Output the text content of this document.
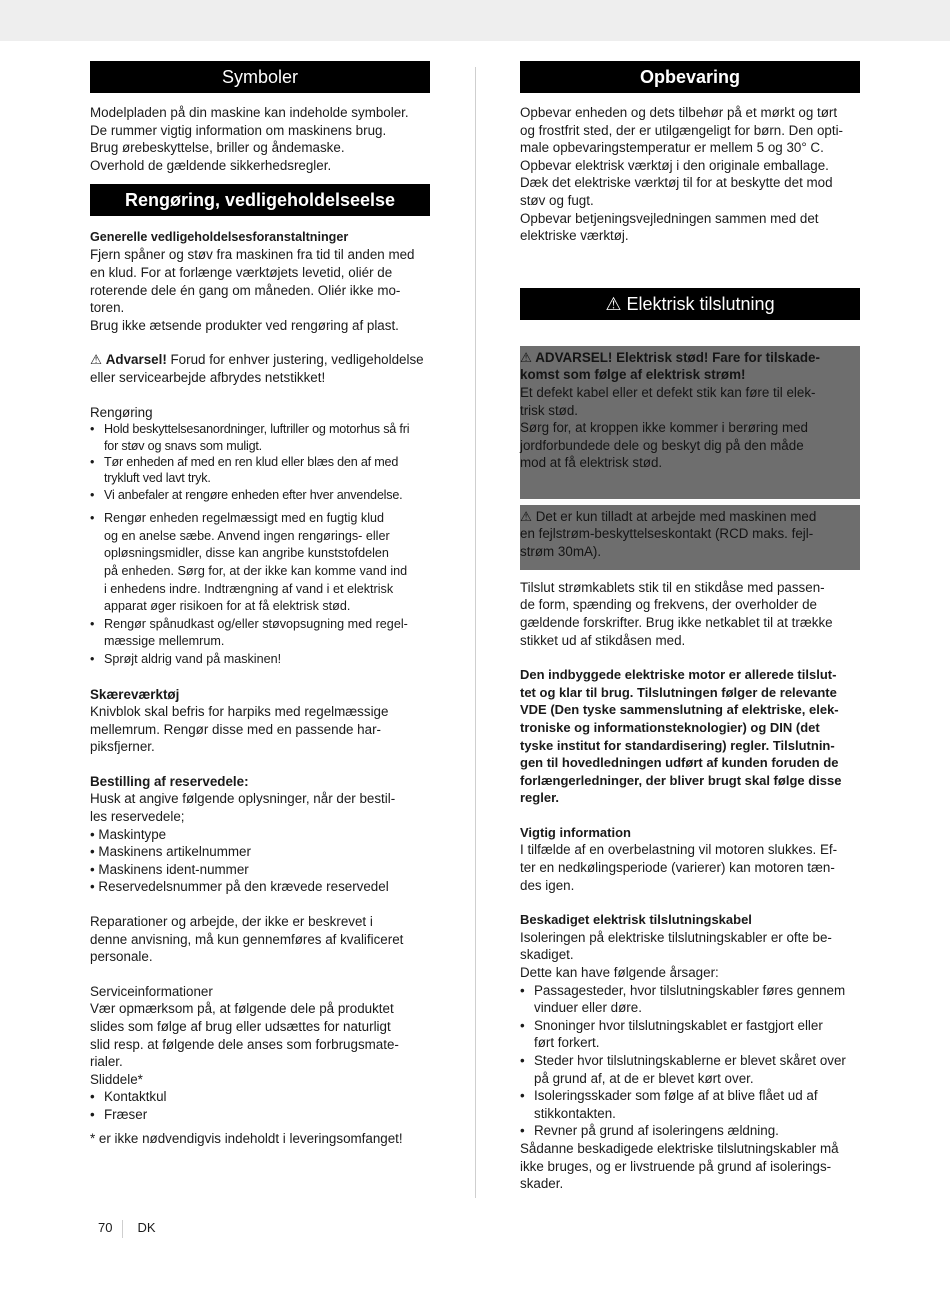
Symboler
Modelpladen på din maskine kan indeholde symboler.
De rummer vigtig information om maskinens brug.
Brug ørebeskyttelse, briller og åndemaske.
Overhold de gældende sikkerhedsregler.
Rengøring, vedligeholdelseelse
Generelle vedligeholdelsesforanstaltninger
Fjern spåner og støv fra maskinen fra tid til anden med
en klud. For at forlænge værktøjets levetid, oliér de
roterende dele én gang om måneden. Oliér ikke mo-
toren.
Brug ikke ætsende produkter ved rengøring af plast.
⚠ Advarsel! Forud for enhver justering, vedligeholdelse
eller servicearbejde afbrydes netstikket!
Rengøring
• Hold beskyttelsesanordninger, luftriller og motorhus så fri
for støv og snavs som muligt.
• Tør enheden af med en ren klud eller blæs den af med
trykluft ved lavt tryk.
• Vi anbefaler at rengøre enheden efter hver anvendelse.
• Rengør enheden regelmæssigt med en fugtig klud
og en anelse sæbe. Anvend ingen rengørings- eller
opløsningsmidler, disse kan angribe kunststofdelen
på enheden. Sørg for, at der ikke kan komme vand ind
i enhedens indre. Indtrængning af vand i et elektrisk
apparat øger risikoen for at få elektrisk stød.
• Rengør spånudkast og/eller støvopsugning med regel-
mæssige mellemrum.
• Sprøjt aldrig vand på maskinen!
Skæreværktøj
Knivblok skal befris for harpiks med regelmæssige
mellemrum. Rengør disse med en passende har-
piksfjerner.
Bestilling af reservedele:
Husk at angive følgende oplysninger, når der bestil-
les reservedele;
• Maskintype
• Maskinens artikelnummer
• Maskinens ident-nummer
• Reservedelsnummer på den krævede reservedel
Reparationer og arbejde, der ikke er beskrevet i
denne anvisning, må kun gennemføres af kvalificeret
personale.
Serviceinformationer
Vær opmærksom på, at følgende dele på produktet
slides som følge af brug eller udsættes for naturligt
slid resp. at følgende dele anses som forbrugsmate-
rialer.
Sliddele*
• Kontaktkul
• Fræser
* er ikke nødvendigvis indeholdt i leveringsomfanget!
Opbevaring
Opbevar enheden og dets tilbehør på et mørkt og tørt
og frostfrit sted, der er utilgængeligt for børn. Den opti-
male opbevaringstemperatur er mellem 5 og 30° C.
Opbevar elektrisk værktøj i den originale emballage.
Dæk det elektriske værktøj til for at beskytte det mod
støv og fugt.
Opbevar betjeningsvejledningen sammen med det
elektriske værktøj.
⚠ Elektrisk tilslutning
⚠ ADVARSEL! Elektrisk stød! Fare for tilskade-
komst som følge af elektrisk strøm!
Et defekt kabel eller et defekt stik kan føre til elek-
trisk stød.
Sørg for, at kroppen ikke kommer i berøring med
jordforbundede dele og beskyt dig på den måde
mod at få elektrisk stød.
⚠ Det er kun tilladt at arbejde med maskinen med
en fejlstrøm-beskyttelseskontakt (RCD maks. fejl-
strøm 30mA).
Tilslut strømkablets stik til en stikdåse med passen-
de form, spænding og frekvens, der overholder de
gældende forskrifter. Brug ikke netkablet til at trække
stikket ud af stikdåsen med.
Den indbyggede elektriske motor er allerede tilslut-
tet og klar til brug. Tilslutningen følger de relevante
VDE (Den tyske sammenslutning af elektriske, elek-
troniske og informationsteknologier) og DIN (det
tyske institut for standardisering) regler. Tilslutnin-
gen til hovedledningen udført af kunden foruden de
forlængerledninger, der bliver brugt skal følge disse
regler.
Vigtig information
I tilfælde af en overbelastning vil motoren slukkes. Ef-
ter en nedkølingsperiode (varierer) kan motoren tæn-
des igen.
Beskadiget elektrisk tilslutningskabel
Isoleringen på elektriske tilslutningskabler er ofte be-
skadiget.
Dette kan have følgende årsager:
• Passagesteder, hvor tilslutningskabler føres gennem
vinduer eller døre.
• Snoninger hvor tilslutningskablet er fastgjort eller
ført forkert.
• Steder hvor tilslutningskablerne er blevet skåret over
på grund af, at de er blevet kørt over.
• Isoleringsskader som følge af at blive flået ud af
stikkontakten.
• Revner på grund af isoleringens ældning.
Sådanne beskadigede elektriske tilslutningskabler må
ikke bruges, og er livstruende på grund af isolerings-
skader.
70 DK
